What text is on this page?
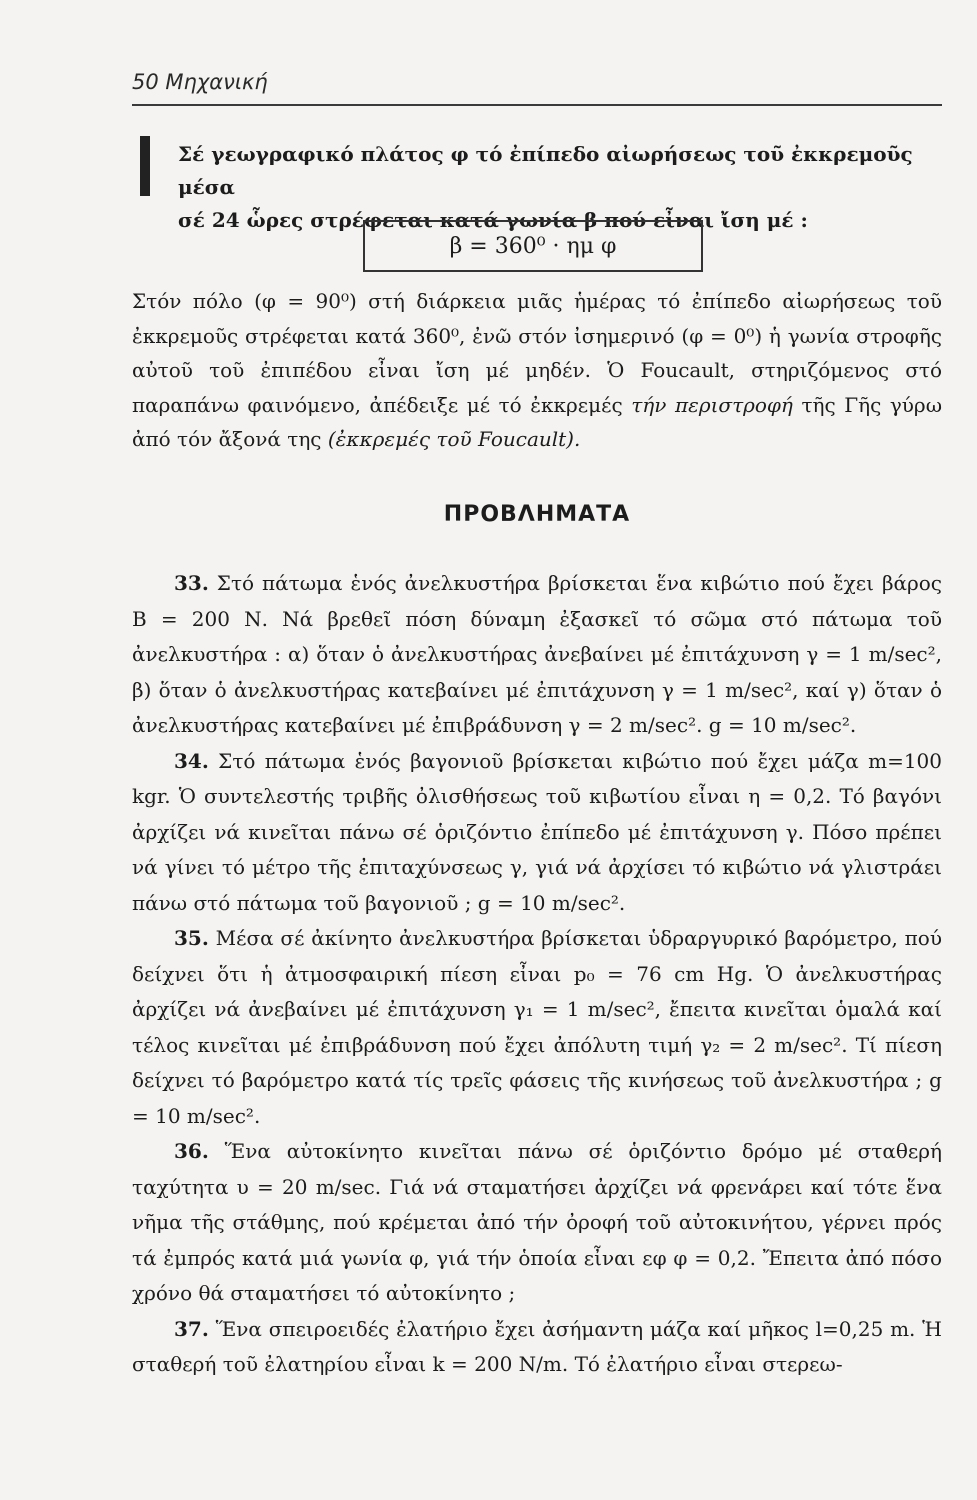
50 Μηχανική
Σέ γεωγραφικό πλάτος φ τό ἐπίπεδο αἰωρήσεως τοῦ ἐκκρεμοῦς μέσα
σέ 24 ὧρες στρέφεται κατά γωνία β πού εἶναι ἴση μέ :
β = 360⁰ · ημ φ
Στόν πόλο (φ = 90⁰) στή διάρκεια μιᾶς ἡμέρας τό ἐπίπεδο αἰωρήσεως τοῦ ἐκκρεμοῦς στρέφεται κατά 360⁰, ἐνῶ στόν ἰσημερινό (φ = 0⁰) ἡ γωνία στροφῆς αὐτοῦ τοῦ ἐπιπέδου εἶναι ἴση μέ μηδέν. Ὁ Foucault, στηριζόμενος στό παραπάνω φαινόμενο, ἀπέδειξε μέ τό ἐκκρεμές τήν περιστροφή τῆς Γῆς γύρω ἀπό τόν ἄξονά της (ἐκκρεμές τοῦ Foucault).
ΠΡΟΒΛΗΜΑΤΑ

33. Στό πάτωμα ἑνός ἀνελκυστήρα βρίσκεται ἕνα κιβώτιο πού ἔχει βάρος Β = 200 Ν. Νά βρεθεῖ πόση δύναμη ἐξασκεῖ τό σῶμα στό πάτωμα τοῦ ἀνελκυστήρα : α) ὅταν ὁ ἀνελκυστήρας ἀνεβαίνει μέ ἐπιτάχυνση γ = 1 m/sec², β) ὅταν ὁ ἀνελκυστήρας κατεβαίνει μέ ἐπιτάχυνση γ = 1 m/sec², καί γ) ὅταν ὁ ἀνελκυστήρας κατεβαίνει μέ ἐπιβράδυνση γ = 2 m/sec². g = 10 m/sec².

34. Στό πάτωμα ἑνός βαγονιοῦ βρίσκεται κιβώτιο πού ἔχει μάζα m=100 kgr. Ὁ συντελεστής τριβῆς ὀλισθήσεως τοῦ κιβωτίου εἶναι η = 0,2. Τό βαγόνι ἀρχίζει νά κινεῖται πάνω σέ ὁριζόντιο ἐπίπεδο μέ ἐπιτάχυνση γ. Πόσο πρέπει νά γίνει τό μέτρο τῆς ἐπιταχύνσεως γ, γιά νά ἀρχίσει τό κιβώτιο νά γλιστράει πάνω στό πάτωμα τοῦ βαγονιοῦ ; g = 10 m/sec².

35. Μέσα σέ ἀκίνητο ἀνελκυστήρα βρίσκεται ὑδραργυρικό βαρόμετρο, πού δείχνει ὅτι ἡ ἀτμοσφαιρική πίεση εἶναι p₀ = 76 cm Hg. Ὁ ἀνελκυστήρας ἀρχίζει νά ἀνεβαίνει μέ ἐπιτάχυνση γ₁ = 1 m/sec², ἔπειτα κινεῖται ὁμαλά καί τέλος κινεῖται μέ ἐπιβράδυνση πού ἔχει ἀπόλυτη τιμή γ₂ = 2 m/sec². Τί πίεση δείχνει τό βαρόμετρο κατά τίς τρεῖς φάσεις τῆς κινήσεως τοῦ ἀνελκυστήρα ; g = 10 m/sec².

36. Ἕνα αὐτοκίνητο κινεῖται πάνω σέ ὁριζόντιο δρόμο μέ σταθερή ταχύτητα υ = 20 m/sec. Γιά νά σταματήσει ἀρχίζει νά φρενάρει καί τότε ἕνα νῆμα τῆς στάθμης, πού κρέμεται ἀπό τήν ὀροφή τοῦ αὐτοκινήτου, γέρνει πρός τά ἐμπρός κατά μιά γωνία φ, γιά τήν ὁποία εἶναι εφ φ = 0,2. Ἔπειτα ἀπό πόσο χρόνο θά σταματήσει τό αὐτοκίνητο ;

37. Ἕνα σπειροειδές ἐλατήριο ἔχει ἀσήμαντη μάζα καί μῆκος l=0,25 m. Ἡ σταθερή τοῦ ἐλατηρίου εἶναι k = 200 N/m. Τό ἐλατήριο εἶναι στερεω-
